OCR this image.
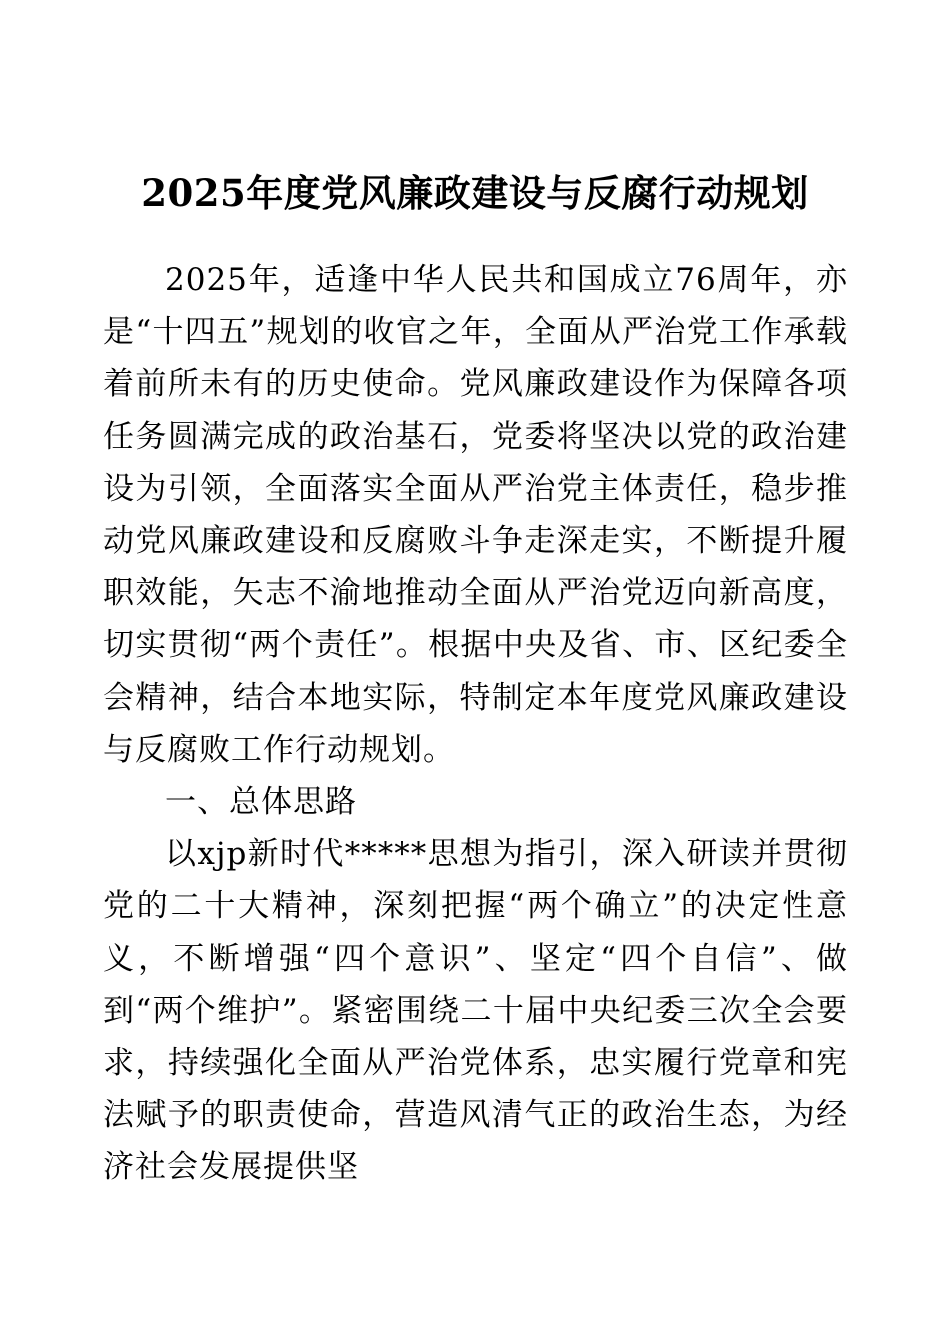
2025年度党风廉政建设与反腐行动规划

2025年，适逢中华人民共和国成立76周年，亦是“十四五”规划的收官之年，全面从严治党工作承载着前所未有的历史使命。党风廉政建设作为保障各项任务圆满完成的政治基石，党委将坚决以党的政治建设为引领，全面落实全面从严治党主体责任，稳步推动党风廉政建设和反腐败斗争走深走实，不断提升履职效能，矢志不渝地推动全面从严治党迈向新高度，切实贯彻“两个责任”。根据中央及省、市、区纪委全会精神，结合本地实际，特制定本年度党风廉政建设与反腐败工作行动规划。

一、总体思路

以xjp新时代*****思想为指引，深入研读并贯彻党的二十大精神，深刻把握“两个确立”的决定性意义，不断增强“四个意识”、坚定“四个自信”、做到“两个维护”。紧密围绕二十届中央纪委三次全会要求，持续强化全面从严治党体系，忠实履行党章和宪法赋予的职责使命，营造风清气正的政治生态，为经济社会发展提供坚
